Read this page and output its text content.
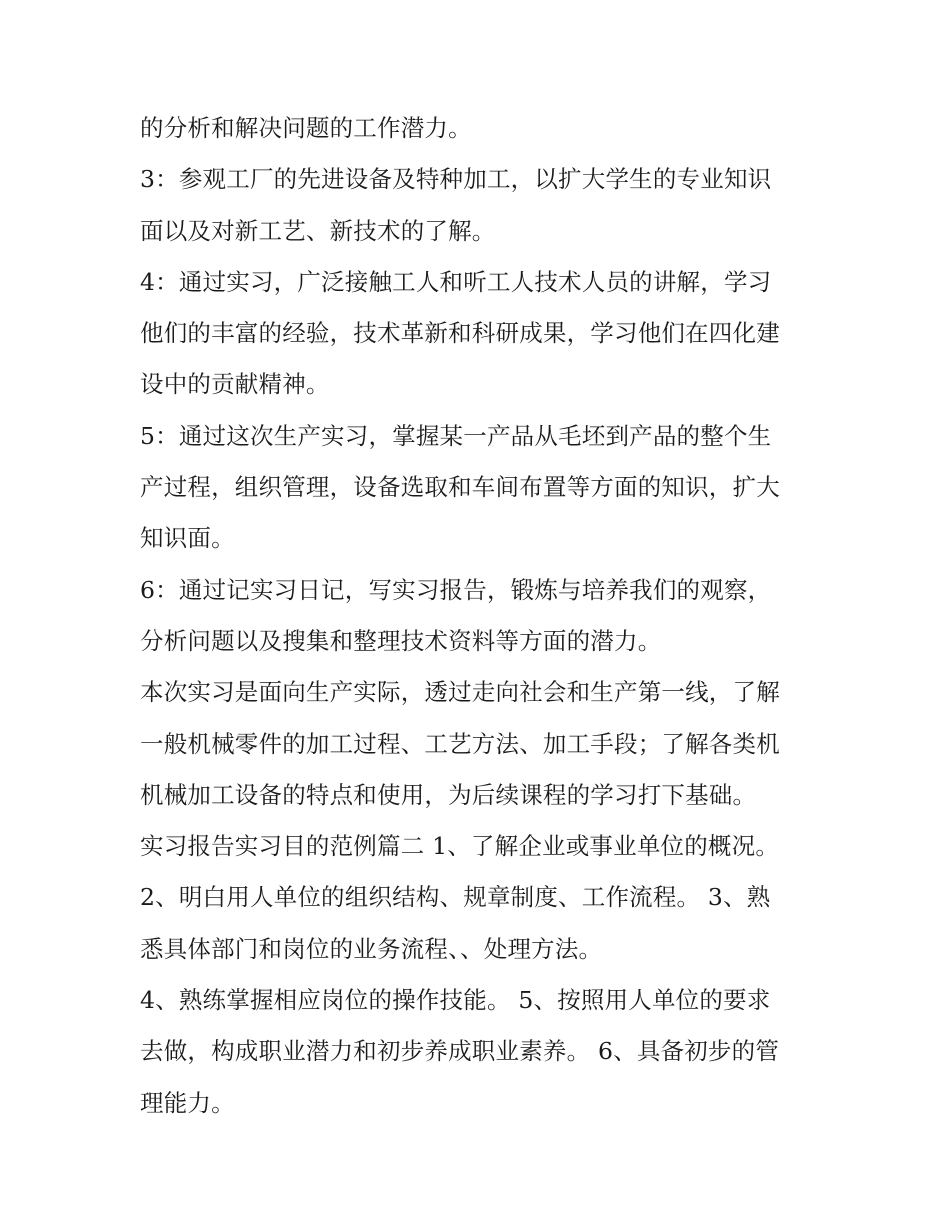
的分析和解决问题的工作潜力。
3：参观工厂的先进设备及特种加工，以扩大学生的专业知识
面以及对新工艺、新技术的了解。
4：通过实习，广泛接触工人和听工人技术人员的讲解，学习
他们的丰富的经验，技术革新和科研成果，学习他们在四化建
设中的贡献精神。
5：通过这次生产实习，掌握某一产品从毛坯到产品的整个生
产过程，组织管理，设备选取和车间布置等方面的知识，扩大
知识面。
6：通过记实习日记，写实习报告，锻炼与培养我们的观察，
分析问题以及搜集和整理技术资料等方面的潜力。
本次实习是面向生产实际，透过走向社会和生产第一线，了解
一般机械零件的加工过程、工艺方法、加工手段；了解各类机
机械加工设备的特点和使用，为后续课程的学习打下基础。
实习报告实习目的范例篇二 1、了解企业或事业单位的概况。
2、明白用人单位的组织结构、规章制度、工作流程。 3、熟
悉具体部门和岗位的业务流程、、处理方法。
4、熟练掌握相应岗位的操作技能。 5、按照用人单位的要求
去做，构成职业潜力和初步养成职业素养。 6、具备初步的管
理能力。
